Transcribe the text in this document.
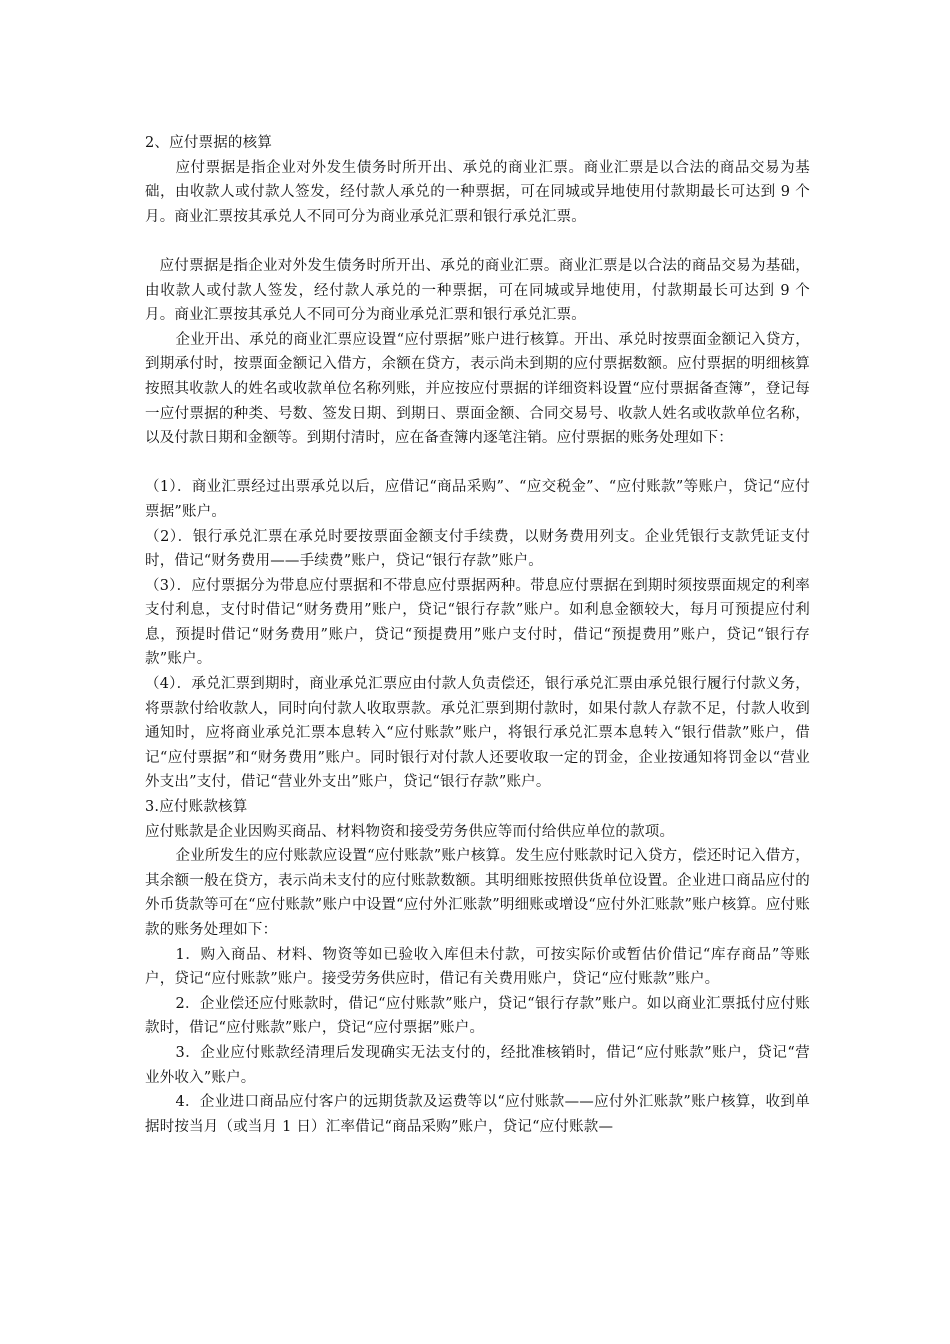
2、应付票据的核算

应付票据是指企业对外发生债务时所开出、承兑的商业汇票。商业汇票是以合法的商品交易为基础，由收款人或付款人签发，经付款人承兑的一种票据，可在同城或异地使用付款期最长可达到 9 个月。商业汇票按其承兑人不同可分为商业承兑汇票和银行承兑汇票。

应付票据是指企业对外发生债务时所开出、承兑的商业汇票。商业汇票是以合法的商品交易为基础，由收款人或付款人签发，经付款人承兑的一种票据，可在同城或异地使用，付款期最长可达到 9 个月。商业汇票按其承兑人不同可分为商业承兑汇票和银行承兑汇票。

企业开出、承兑的商业汇票应设置“应付票据”账户进行核算。开出、承兑时按票面金额记入贷方，到期承付时，按票面金额记入借方，余额在贷方，表示尚未到期的应付票据数额。应付票据的明细核算按照其收款人的姓名或收款单位名称列账，并应按应付票据的详细资料设置“应付票据备查簿”，登记每一应付票据的种类、号数、签发日期、到期日、票面金额、合同交易号、收款人姓名或收款单位名称，以及付款日期和金额等。到期付清时，应在备查簿内逐笔注销。应付票据的账务处理如下：

（1）．商业汇票经过出票承兑以后，应借记“商品采购”、“应交税金”、“应付账款”等账户，贷记“应付票据”账户。

（2）．银行承兑汇票在承兑时要按票面金额支付手续费，以财务费用列支。企业凭银行支款凭证支付时，借记“财务费用——手续费”账户，贷记“银行存款”账户。

（3）．应付票据分为带息应付票据和不带息应付票据两种。带息应付票据在到期时须按票面规定的利率支付利息，支付时借记“财务费用”账户，贷记“银行存款”账户。如利息金额较大，每月可预提应付利息，预提时借记“财务费用”账户，贷记“预提费用”账户支付时，借记“预提费用”账户，贷记“银行存款”账户。

（4）．承兑汇票到期时，商业承兑汇票应由付款人负责偿还，银行承兑汇票由承兑银行履行付款义务，将票款付给收款人，同时向付款人收取票款。承兑汇票到期付款时，如果付款人存款不足，付款人收到通知时，应将商业承兑汇票本息转入“应付账款”账户，将银行承兑汇票本息转入“银行借款”账户，借记“应付票据”和“财务费用”账户。同时银行对付款人还要收取一定的罚金，企业按通知将罚金以“营业外支出”支付，借记“营业外支出”账户，贷记“银行存款”账户。

3.应付账款核算

应付账款是企业因购买商品、材料物资和接受劳务供应等而付给供应单位的款项。

企业所发生的应付账款应设置“应付账款”账户核算。发生应付账款时记入贷方，偿还时记入借方，其余额一般在贷方，表示尚未支付的应付账款数额。其明细账按照供货单位设置。企业进口商品应付的外币货款等可在“应付账款”账户中设置“应付外汇账款”明细账或增设“应付外汇账款”账户核算。应付账款的账务处理如下：

1．购入商品、材料、物资等如已验收入库但未付款，可按实际价或暂估价借记“库存商品”等账户，贷记“应付账款”账户。接受劳务供应时，借记有关费用账户，贷记“应付账款”账户。

2．企业偿还应付账款时，借记“应付账款”账户，贷记“银行存款”账户。如以商业汇票抵付应付账款时，借记“应付账款”账户，贷记“应付票据”账户。

3．企业应付账款经清理后发现确实无法支付的，经批准核销时，借记“应付账款”账户，贷记“营业外收入”账户。

4．企业进口商品应付客户的远期货款及运费等以“应付账款——应付外汇账款”账户核算，收到单据时按当月（或当月 1 日）汇率借记“商品采购”账户，贷记“应付账款—
